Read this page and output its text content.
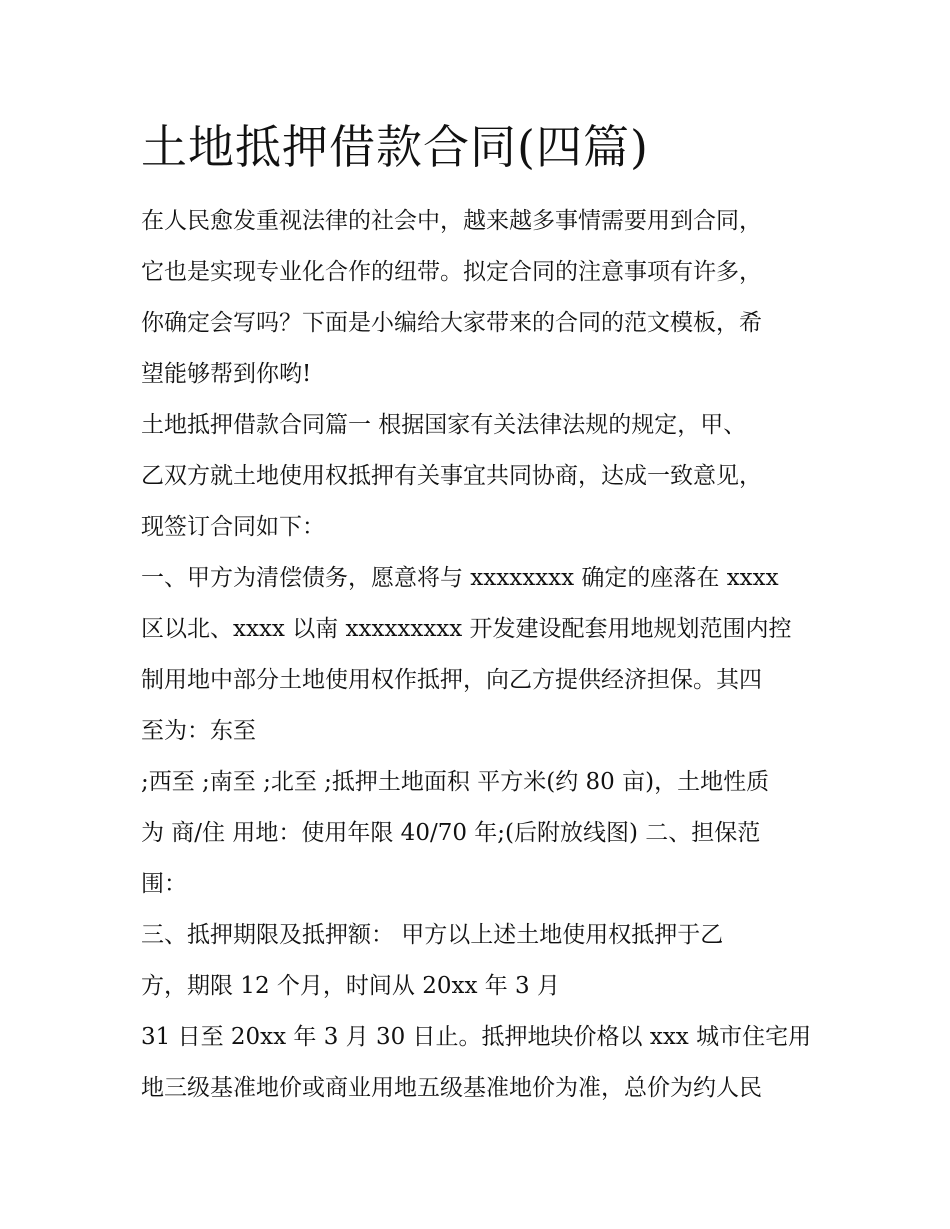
土地抵押借款合同(四篇)

在人民愈发重视法律的社会中，越来越多事情需要用到合同，

它也是实现专业化合作的纽带。拟定合同的注意事项有许多，

你确定会写吗？下面是小编给大家带来的合同的范文模板，希

望能够帮到你哟!

土地抵押借款合同篇一 根据国家有关法律法规的规定，甲、

乙双方就土地使用权抵押有关事宜共同协商，达成一致意见，

现签订合同如下：

一、甲方为清偿债务，愿意将与 xxxxxxxx 确定的座落在 xxxx

区以北、xxxx 以南 xxxxxxxxx 开发建设配套用地规划范围内控

制用地中部分土地使用权作抵押，向乙方提供经济担保。其四

至为：东至

;西至 ;南至 ;北至 ;抵押土地面积 平方米(约 80 亩)，土地性质

为 商/住 用地：使用年限 40/70 年;(后附放线图) 二、担保范

围：

三、抵押期限及抵押额： 甲方以上述土地使用权抵押于乙

方，期限 12 个月，时间从 20xx 年 3 月

31 日至 20xx 年 3 月 30 日止。抵押地块价格以 xxx 城市住宅用

地三级基准地价或商业用地五级基准地价为准，总价为约人民
